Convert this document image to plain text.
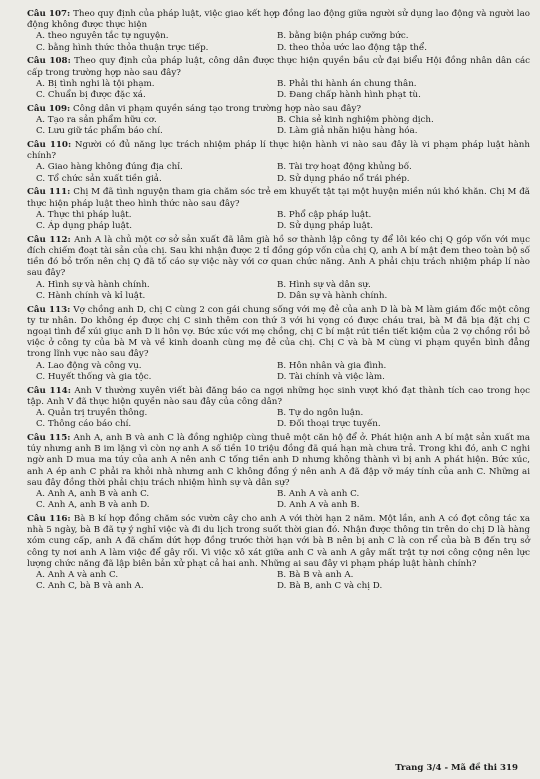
Câu 107: Theo quy định của pháp luật, việc giao kết hợp đồng lao động giữa người sử dụng lao động và người lao động không được thực hiện
A. theo nguyên tắc tự nguyện.	B. bằng biện pháp cưỡng bức.
C. bằng hình thức thỏa thuận trực tiếp.	D. theo thỏa ước lao động tập thể.
Câu 108: Theo quy định của pháp luật, công dân được thực hiện quyền bầu cử đại biểu Hội đồng nhân dân các cấp trong trường hợp nào sau đây?
A. Bị tình nghi là tội phạm.	B. Phải thi hành án chung thân.
C. Chuẩn bị được đặc xá.	D. Đang chấp hành hình phạt tù.
Câu 109: Công dân vi phạm quyền sáng tạo trong trường hợp nào sau đây?
A. Tạo ra sản phẩm hữu cơ.	B. Chia sẻ kinh nghiệm phòng dịch.
C. Lưu giữ tác phẩm báo chí.	D. Làm giả nhãn hiệu hàng hóa.
Câu 110: Người có đủ năng lực trách nhiệm pháp lí thực hiện hành vi nào sau đây là vi phạm pháp luật hành chính?
A. Giao hàng không đúng địa chỉ.	B. Tài trợ hoạt động khủng bố.
C. Tổ chức sản xuất tiền giả.	D. Sử dụng pháo nổ trái phép.
Câu 111: Chị M đã tình nguyện tham gia chăm sóc trẻ em khuyết tật tại một huyện miền núi khó khăn. Chị M đã thực hiện pháp luật theo hình thức nào sau đây?
A. Thực thi pháp luật.	B. Phổ cập pháp luật.
C. Áp dụng pháp luật.	D. Sử dụng pháp luật.
Câu 112: Anh A là chủ một cơ sở sản xuất đã lâm già hồ sơ thành lập công ty để lôi kéo chị Q góp vốn với mục đích chiếm đoạt tài sản của chị. Sau khi nhận được 2 tỉ đồng góp vốn của chị Q, anh A bí mật đem theo toàn bộ số tiền đó bỏ trốn nên chị Q đã tố cáo sự việc này với cơ quan chức năng. Anh A phải chịu trách nhiệm pháp lí nào sau đây?
A. Hình sự và hành chính.	B. Hình sự và dân sự.
C. Hành chính và kỉ luật.	D. Dân sự và hành chính.
Câu 113: Vợ chồng anh D, chị C cùng 2 con gái chung sống với mẹ đẻ của anh D là bà M làm giám đốc một công ty tư nhân. Do không ép được chị C sinh thêm con thứ 3 với hi vọng có được cháu trai, bà M đã bịa đặt chị C ngoại tình để xúi giục anh D li hôn vợ. Bức xúc với mẹ chồng, chị C bí mật rút tiền tiết kiệm của 2 vợ chồng rồi bỏ việc ở công ty của bà M và về kinh doanh cùng mẹ đẻ của chị. Chị C và bà M cùng vi phạm quyền bình đẳng trong lĩnh vực nào sau đây?
A. Lao động và công vụ.	B. Hôn nhân và gia đình.
C. Huyết thống và gia tộc.	D. Tài chính và việc làm.
Câu 114: Anh V thường xuyên viết bài đăng báo ca ngợi những học sinh vượt khó đạt thành tích cao trong học tập. Anh V đã thực hiện quyền nào sau đây của công dân?
A. Quản trị truyền thông.	B. Tự do ngôn luận.
C. Thông cáo báo chí.	D. Đối thoại trực tuyến.
Câu 115: Anh A, anh B và anh C là đồng nghiệp cùng thuê một căn hộ để ở. Phát hiện anh A bí mật sản xuất ma túy nhưng anh B im lặng vì còn nợ anh A số tiền 10 triệu đồng đã quá hạn mà chưa trả. Trong khi đó, anh C nghi ngờ anh D mua ma túy của anh A nên anh C tống tiền anh D nhưng không thành vì bị anh A phát hiện. Bức xúc, anh A ép anh C phải ra khỏi nhà nhưng anh C không đồng ý nên anh A đã đập vỡ máy tính của anh C. Những ai sau đây đồng thời phải chịu trách nhiệm hình sự và dân sự?
A. Anh A, anh B và anh C.	B. Anh A và anh C.
C. Anh A, anh B và anh D.	D. Anh A và anh B.
Câu 116: Bà B kí hợp đồng chăm sóc vườn cây cho anh A với thời hạn 2 năm. Một lần, anh A có đợt công tác xa nhà 5 ngày, bà B đã tự ý nghỉ việc và đi du lịch trong suốt thời gian đó. Nhận được thông tin trên do chị D là hàng xóm cung cấp, anh A đã chấm dứt hợp đồng trước thời hạn với bà B nên bị anh C là con rể của bà B đến trụ sở công ty nơi anh A làm việc để gây rối. Vì việc xô xát giữa anh C và anh A gây mất trật tự nơi công cộng nên lực lượng chức năng đã lập biên bản xử phạt cả hai anh. Những ai sau đây vi phạm pháp luật hành chính?
A. Anh A và anh C.	B. Bà B và anh A.
C. Anh C, bà B và anh A.	D. Bà B, anh C và chị D.
Trang 3/4 - Mã đề thi 319
